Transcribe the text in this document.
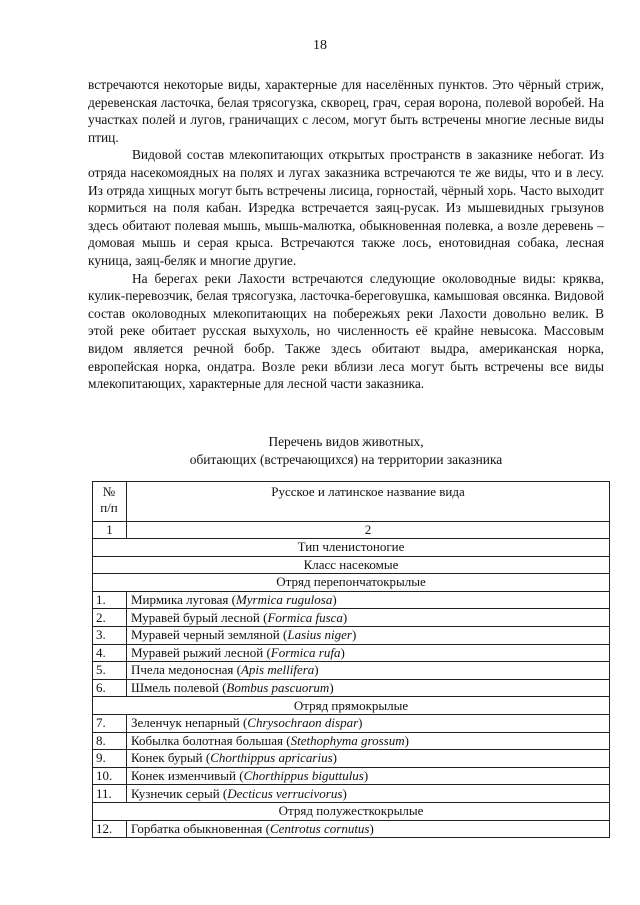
18

встречаются некоторые виды, характерные для населённых пунктов. Это чёрный стриж, деревенская ласточка, белая трясогузка, скворец, грач, серая ворона, полевой воробей. На участках полей и лугов, граничащих с лесом, могут быть встречены многие лесные виды птиц.

Видовой состав млекопитающих открытых пространств в заказнике небогат. Из отряда насекомоядных на полях и лугах заказника встречаются те же виды, что и в лесу. Из отряда хищных могут быть встречены лисица, горностай, чёрный хорь. Часто выходит кормиться на поля кабан. Изредка встречается заяц-русак. Из мышевидных грызунов здесь обитают полевая мышь, мышь-малютка, обыкновенная полевка, а возле деревень – домовая мышь и серая крыса. Встречаются также лось, енотовидная собака, лесная куница, заяц-беляк и многие другие.

На берегах реки Лахости встречаются следующие околоводные виды: кряква, кулик-перевозчик, белая трясогузка, ласточка-береговушка, камышовая овсянка. Видовой состав околоводных млекопитающих на побережьях реки Лахости довольно велик. В этой реке обитает русская выхухоль, но численность её крайне невысока. Массовым видом является речной бобр. Также здесь обитают выдра, американская норка, европейская норка, ондатра. Возле реки вблизи леса могут быть встречены все виды млекопитающих, характерные для лесной части заказника.

Перечень видов животных,
обитающих (встречающихся) на территории заказника
№
п/п	Русское и латинское название вида
1	2
Тип членистоногие	
Класс насекомые	
Отряд перепончатокрылые	
1.	Мирмика луговая (Myrmica rugulosa)
2.	Муравей бурый лесной (Formica fusca)
3.	Муравей черный земляной (Lasius niger)
4.	Муравей рыжий лесной (Formica rufa)
5.	Пчела медоносная (Apis mellifera)
6.	Шмель полевой (Bombus pascuorum)
Отряд прямокрылые	
7.	Зеленчук непарный (Chrysochraon dispar)
8.	Кобылка болотная большая (Stethophyma grossum)
9.	Конек бурый (Chorthippus apricarius)
10.	Конек изменчивый (Chorthippus biguttulus)
11.	Кузнечик серый (Decticus verrucivorus)
Отряд полужесткокрылые	
12.	Горбатка обыкновенная (Centrotus cornutus)
